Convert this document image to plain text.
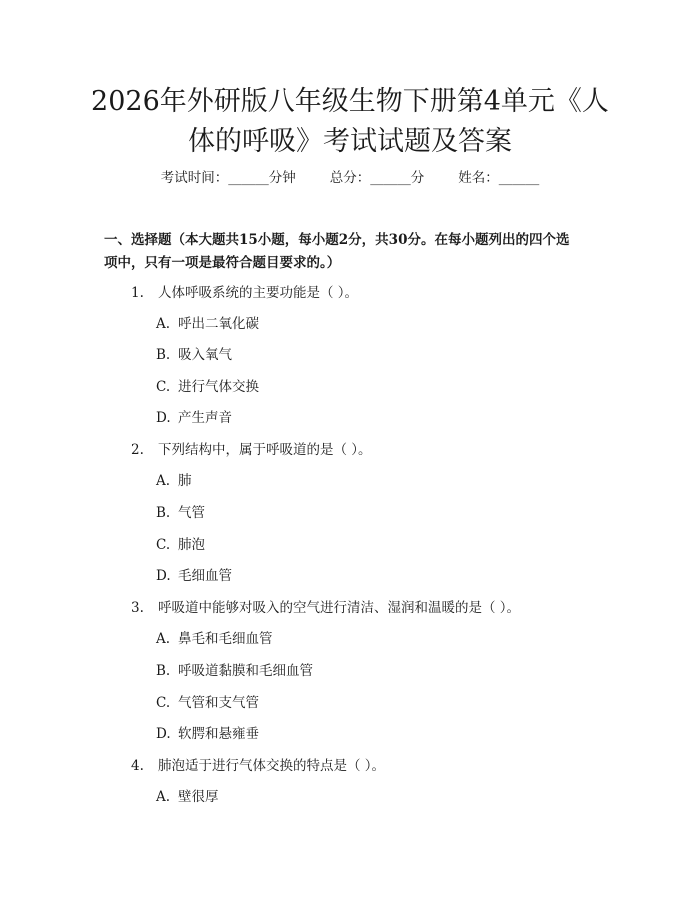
2026年外研版八年级生物下册第4单元《人
体的呼吸》考试试题及答案
考试时间：______分钟	总分：______分	姓名：______

一、选择题（本大题共15小题，每小题2分，共30分。在每小题列出的四个选

项中，只有一项是最符合题目要求的。）

1. 人体呼吸系统的主要功能是（ ）。
A. 呼出二氧化碳
B. 吸入氧气
C. 进行气体交换
D. 产生声音
2. 下列结构中，属于呼吸道的是（ ）。
A. 肺
B. 气管
C. 肺泡
D. 毛细血管
3. 呼吸道中能够对吸入的空气进行清洁、湿润和温暖的是（ ）。
A. 鼻毛和毛细血管
B. 呼吸道黏膜和毛细血管
C. 气管和支气管
D. 软腭和悬雍垂
4. 肺泡适于进行气体交换的特点是（ ）。
A. 壁很厚
